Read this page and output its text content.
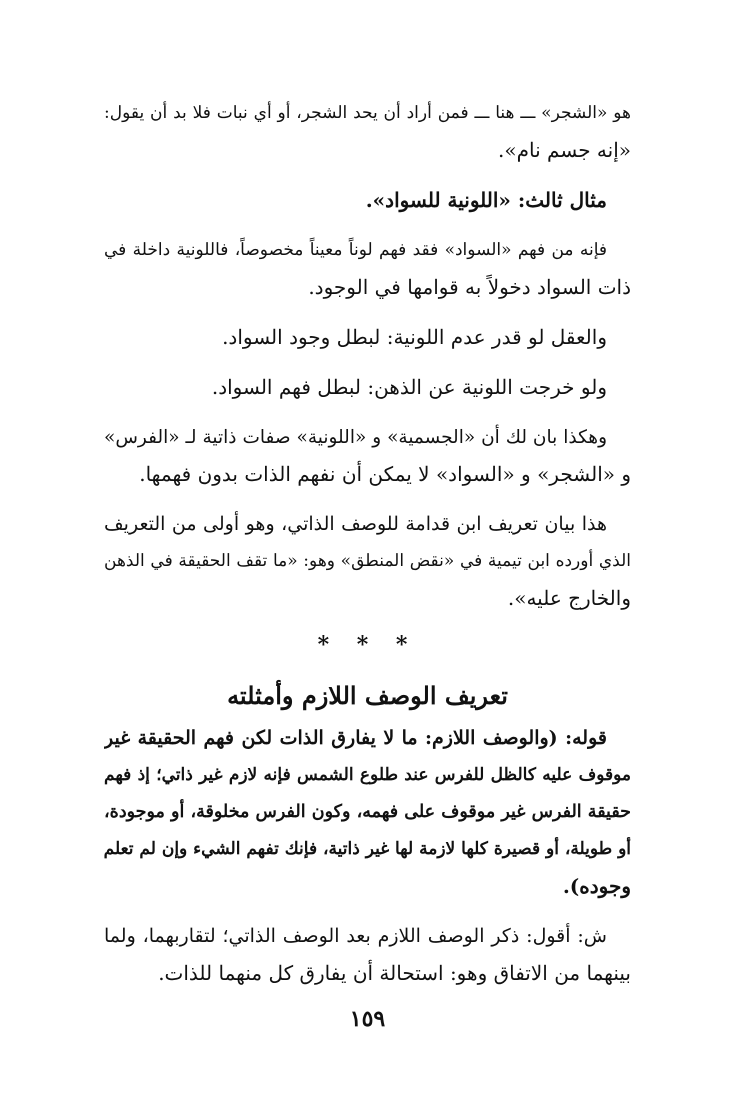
هو «الشجر» ـــ هنا ـــ فمن أراد أن يحد الشجر، أو أي نبات فلا بد أن يقول:
«إنه جسم نام».
مثال ثالث: «اللونية للسواد».
فإنه من فهم «السواد» فقد فهم لوناً معيناً مخصوصاً، فاللونية داخلة في
ذات السواد دخولاً به قوامها في الوجود.
والعقل لو قدر عدم اللونية: لبطل وجود السواد.
ولو خرجت اللونية عن الذهن: لبطل فهم السواد.
وهكذا بان لك أن «الجسمية» و «اللونية» صفات ذاتية لـ «الفرس»
و «الشجر» و «السواد» لا يمكن أن نفهم الذات بدون فهمها.
هذا بيان تعريف ابن قدامة للوصف الذاتي، وهو أولى من التعريف
الذي أورده ابن تيمية في «نقض المنطق» وهو: «ما تقف الحقيقة في الذهن
والخارج عليه».
* * *
تعريف الوصف اللازم وأمثلته
قوله: (والوصف اللازم: ما لا يفارق الذات لكن فهم الحقيقة غير
موقوف عليه كالظل للفرس عند طلوع الشمس فإنه لازم غير ذاتي؛ إذ فهم
حقيقة الفرس غير موقوف على فهمه، وكون الفرس مخلوقة، أو موجودة،
أو طويلة، أو قصيرة كلها لازمة لها غير ذاتية، فإنك تفهم الشيء وإن لم تعلم
وجوده).
ش: أقول: ذكر الوصف اللازم بعد الوصف الذاتي؛ لتقاربهما، ولما
بينهما من الاتفاق وهو: استحالة أن يفارق كل منهما للذات.
١٥٩
